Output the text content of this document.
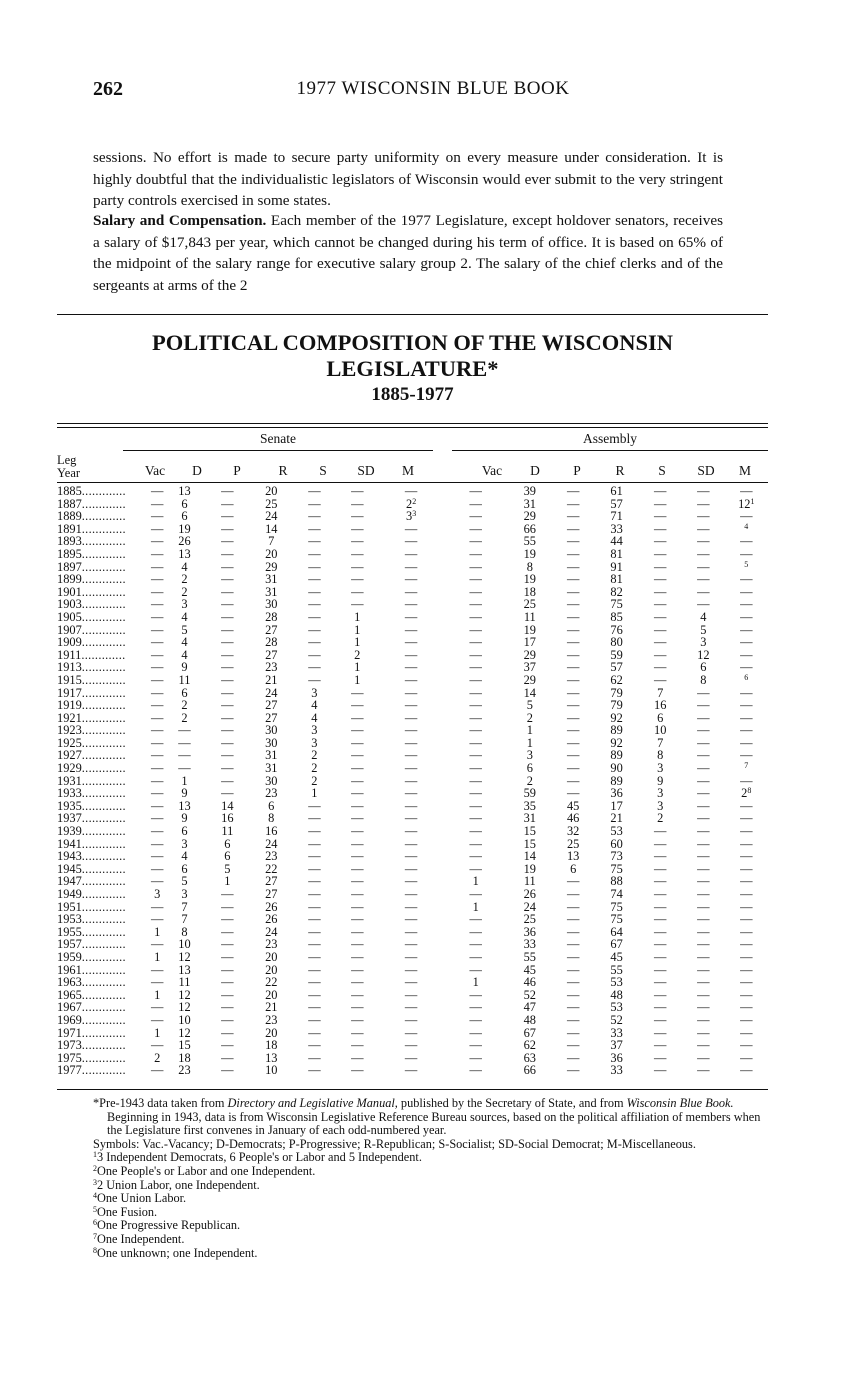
262	1977 WISCONSIN BLUE BOOK

sessions. No effort is made to secure party uniformity on every measure under consideration. It is highly doubtful that the individualistic legislators of Wisconsin would ever submit to the very stringent party controls exercised in some states.

Salary and Compensation. Each member of the 1977 Legislature, except holdover senators, receives a salary of $17,843 per year, which cannot be changed during his term of office. It is based on 65% of the midpoint of the salary range for executive salary group 2. The salary of the chief clerks and of the sergeants at arms of the 2

POLITICAL COMPOSITION OF THE WISCONSIN
LEGISLATURE*
1885-1977
Senate	Assembly
Leg
Year	Vac	D	P	R	S	SD	M	Vac	D	P	R	S	SD	M
1885.............	—	13	—	20	—	—	—	—	39	—	61	—	—	—
1887.............	—	6	—	25	—	—	$2^2$	—	31	—	57	—	—	$12^1$
1889.............	—	6	—	24	—	—	$3^3$	—	29	—	71	—	—	—
1891.............	—	19	—	14	—	—	—	—	66	—	33	—	—	$^4$
1893.............	—	26	—	7	—	—	—	—	55	—	44	—	—	—
1895.............	—	13	—	20	—	—	—	—	19	—	81	—	—	—
1897.............	—	4	—	29	—	—	—	—	8	—	91	—	—	$^5$
1899.............	—	2	—	31	—	—	—	—	19	—	81	—	—	—
1901.............	—	2	—	31	—	—	—	—	18	—	82	—	—	—
1903.............	—	3	—	30	—	—	—	—	25	—	75	—	—	—
1905.............	—	4	—	28	—	1	—	—	11	—	85	—	4	—
1907.............	—	5	—	27	—	1	—	—	19	—	76	—	5	—
1909.............	—	4	—	28	—	1	—	—	17	—	80	—	3	—
1911.............	—	4	—	27	—	2	—	—	29	—	59	—	12	—
1913.............	—	9	—	23	—	1	—	—	37	—	57	—	6	—
1915.............	—	11	—	21	—	1	—	—	29	—	62	—	8	$^6$
1917.............	—	6	—	24	3	—	—	—	14	—	79	7	—	—
1919.............	—	2	—	27	4	—	—	—	5	—	79	16	—	—
1921.............	—	2	—	27	4	—	—	—	2	—	92	6	—	—
1923.............	—	—	—	30	3	—	—	—	1	—	89	10	—	—
1925.............	—	—	—	30	3	—	—	—	1	—	92	7	—	—
1927.............	—	—	—	31	2	—	—	—	3	—	89	8	—	—
1929.............	—	—	—	31	2	—	—	—	6	—	90	3	—	$^7$
1931.............	—	1	—	30	2	—	—	—	2	—	89	9	—	—
1933.............	—	9	—	23	1	—	—	—	59	—	36	3	—	$2^8$
1935.............	—	13	14	6	—	—	—	—	35	45	17	3	—	—
1937.............	—	9	16	8	—	—	—	—	31	46	21	2	—	—
1939.............	—	6	11	16	—	—	—	—	15	32	53	—	—	—
1941.............	—	3	6	24	—	—	—	—	15	25	60	—	—	—
1943.............	—	4	6	23	—	—	—	—	14	13	73	—	—	—
1945.............	—	6	5	22	—	—	—	—	19	6	75	—	—	—
1947.............	—	5	1	27	—	—	—	1	11	—	88	—	—	—
1949.............	3	3	—	27	—	—	—	—	26	—	74	—	—	—
1951.............	—	7	—	26	—	—	—	1	24	—	75	—	—	—
1953.............	—	7	—	26	—	—	—	—	25	—	75	—	—	—
1955.............	1	8	—	24	—	—	—	—	36	—	64	—	—	—
1957.............	—	10	—	23	—	—	—	—	33	—	67	—	—	—
1959.............	1	12	—	20	—	—	—	—	55	—	45	—	—	—
1961.............	—	13	—	20	—	—	—	—	45	—	55	—	—	—
1963.............	—	11	—	22	—	—	—	1	46	—	53	—	—	—
1965.............	1	12	—	20	—	—	—	—	52	—	48	—	—	—
1967.............	—	12	—	21	—	—	—	—	47	—	53	—	—	—
1969.............	—	10	—	23	—	—	—	—	48	—	52	—	—	—
1971.............	1	12	—	20	—	—	—	—	67	—	33	—	—	—
1973.............	—	15	—	18	—	—	—	—	62	—	37	—	—	—
1975.............	2	18	—	13	—	—	—	—	63	—	36	—	—	—
1977.............	—	23	—	10	—	—	—	—	66	—	33	—	—	—

*Pre-1943 data taken from Directory and Legislative Manual, published by the Secretary of State, and from Wisconsin Blue Book. Beginning in 1943, data is from Wisconsin Legislative Reference Bureau sources, based on the political affiliation of members when the Legislature first convenes in January of each odd-numbered year.

Symbols: Vac.-Vacancy; D-Democrats; P-Progressive; R-Republican; S-Socialist; SD-Social Democrat; M-Miscellaneous.

$^1$3 Independent Democrats, 6 People's or Labor and 5 Independent.

$^2$One People's or Labor and one Independent.

$^3$2 Union Labor, one Independent.

$^4$One Union Labor.

$^5$One Fusion.

$^6$One Progressive Republican.

$^7$One Independent.

$^8$One unknown; one Independent.
